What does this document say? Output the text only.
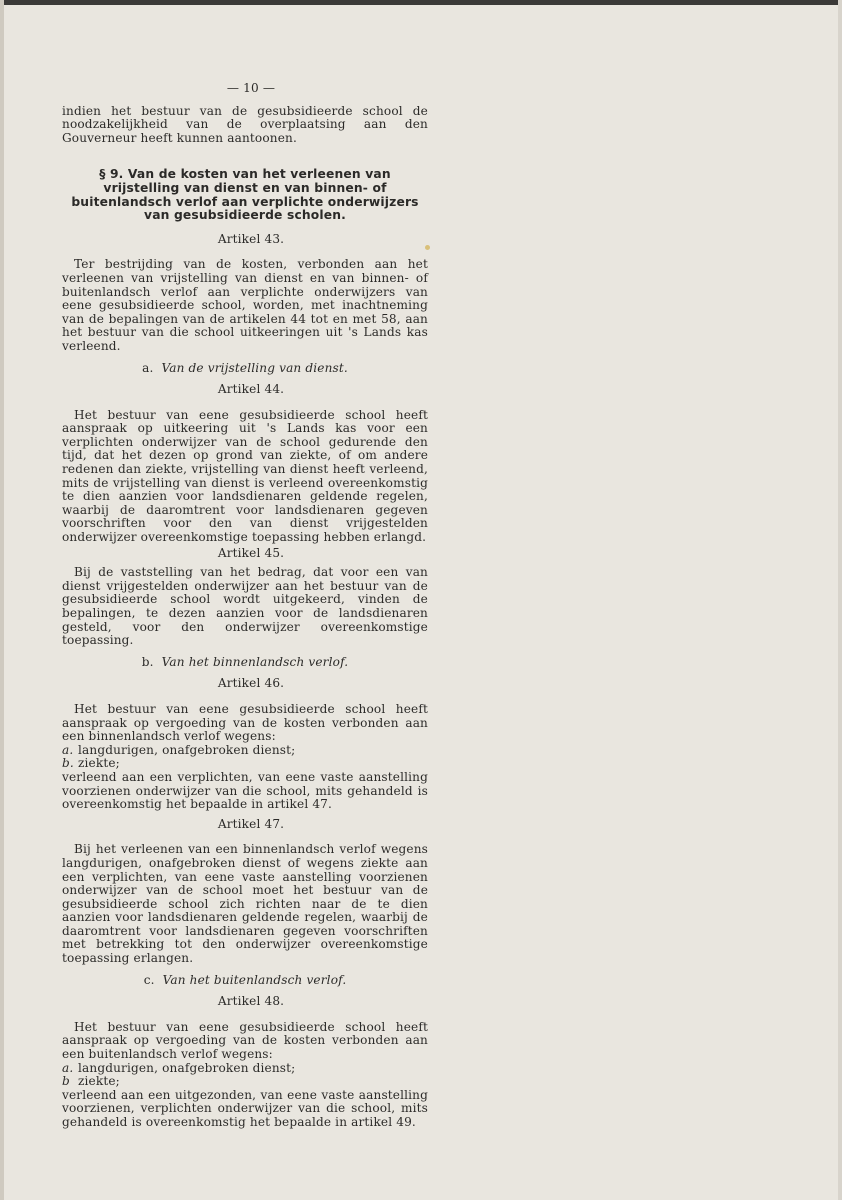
— 10 —

indien het bestuur van de gesubsidieerde school de noodzakelijkheid van de overplaatsing aan den Gouverneur heeft kunnen aantoonen.

§ 9. Van de kosten van het verleenen van vrijstelling van dienst en van binnen- of buitenlandsch verlof aan verplichte onderwijzers van gesubsidieerde scholen.
Artikel 43.

Ter bestrijding van de kosten, verbonden aan het verleenen van vrijstelling van dienst en van binnen- of buitenlandsch verlof aan verplichte onderwijzers van eene gesubsidieerde school, worden, met inachtneming van de bepalingen van de artikelen 44 tot en met 58, aan het bestuur van die school uitkeeringen uit 's Lands kas verleend.

a. Van de vrijstelling van dienst.
Artikel 44.

Het bestuur van eene gesubsidieerde school heeft aanspraak op uitkeering uit 's Lands kas voor een verplichten onderwijzer van de school gedurende den tijd, dat het dezen op grond van ziekte, of om andere redenen dan ziekte, vrijstelling van dienst heeft verleend, mits de vrijstelling van dienst is verleend overeenkomstig te dien aanzien voor landsdienaren geldende regelen, waarbij de daaromtrent voor landsdienaren gegeven voorschriften voor den van dienst vrijgestelden onderwijzer overeenkomstige toepassing hebben erlangd.

Artikel 45.

Bij de vaststelling van het bedrag, dat voor een van dienst vrijgestelden onderwijzer aan het bestuur van de gesubsidieerde school wordt uitgekeerd, vinden de bepalingen, te dezen aanzien voor de landsdienaren gesteld, voor den onderwijzer overeenkomstige toepassing.

b. Van het binnenlandsch verlof.
Artikel 46.

Het bestuur van eene gesubsidieerde school heeft aanspraak op vergoeding van de kosten verbonden aan een binnenlandsch verlof wegens:

a. langdurigen, onafgebroken dienst;

b. ziekte;

verleend aan een verplichten, van eene vaste aanstelling voorzienen onderwijzer van die school, mits gehandeld is overeenkomstig het bepaalde in artikel 47.

Artikel 47.

Bij het verleenen van een binnenlandsch verlof wegens langdurigen, onafgebroken dienst of wegens ziekte aan een verplichten, van eene vaste aanstelling voorzienen onderwijzer van de school moet het bestuur van de gesubsidieerde school zich richten naar de te dien aanzien voor landsdienaren geldende regelen, waarbij de daaromtrent voor landsdienaren gegeven voorschriften met betrekking tot den onderwijzer overeenkomstige toepassing erlangen.

c. Van het buitenlandsch verlof.
Artikel 48.

Het bestuur van eene gesubsidieerde school heeft aanspraak op vergoeding van de kosten verbonden aan een buitenlandsch verlof wegens:

a. langdurigen, onafgebroken dienst;

b ziekte;

verleend aan een uitgezonden, van eene vaste aanstelling voorzienen, verplichten onderwijzer van die school, mits gehandeld is overeenkomstig het bepaalde in artikel 49.
